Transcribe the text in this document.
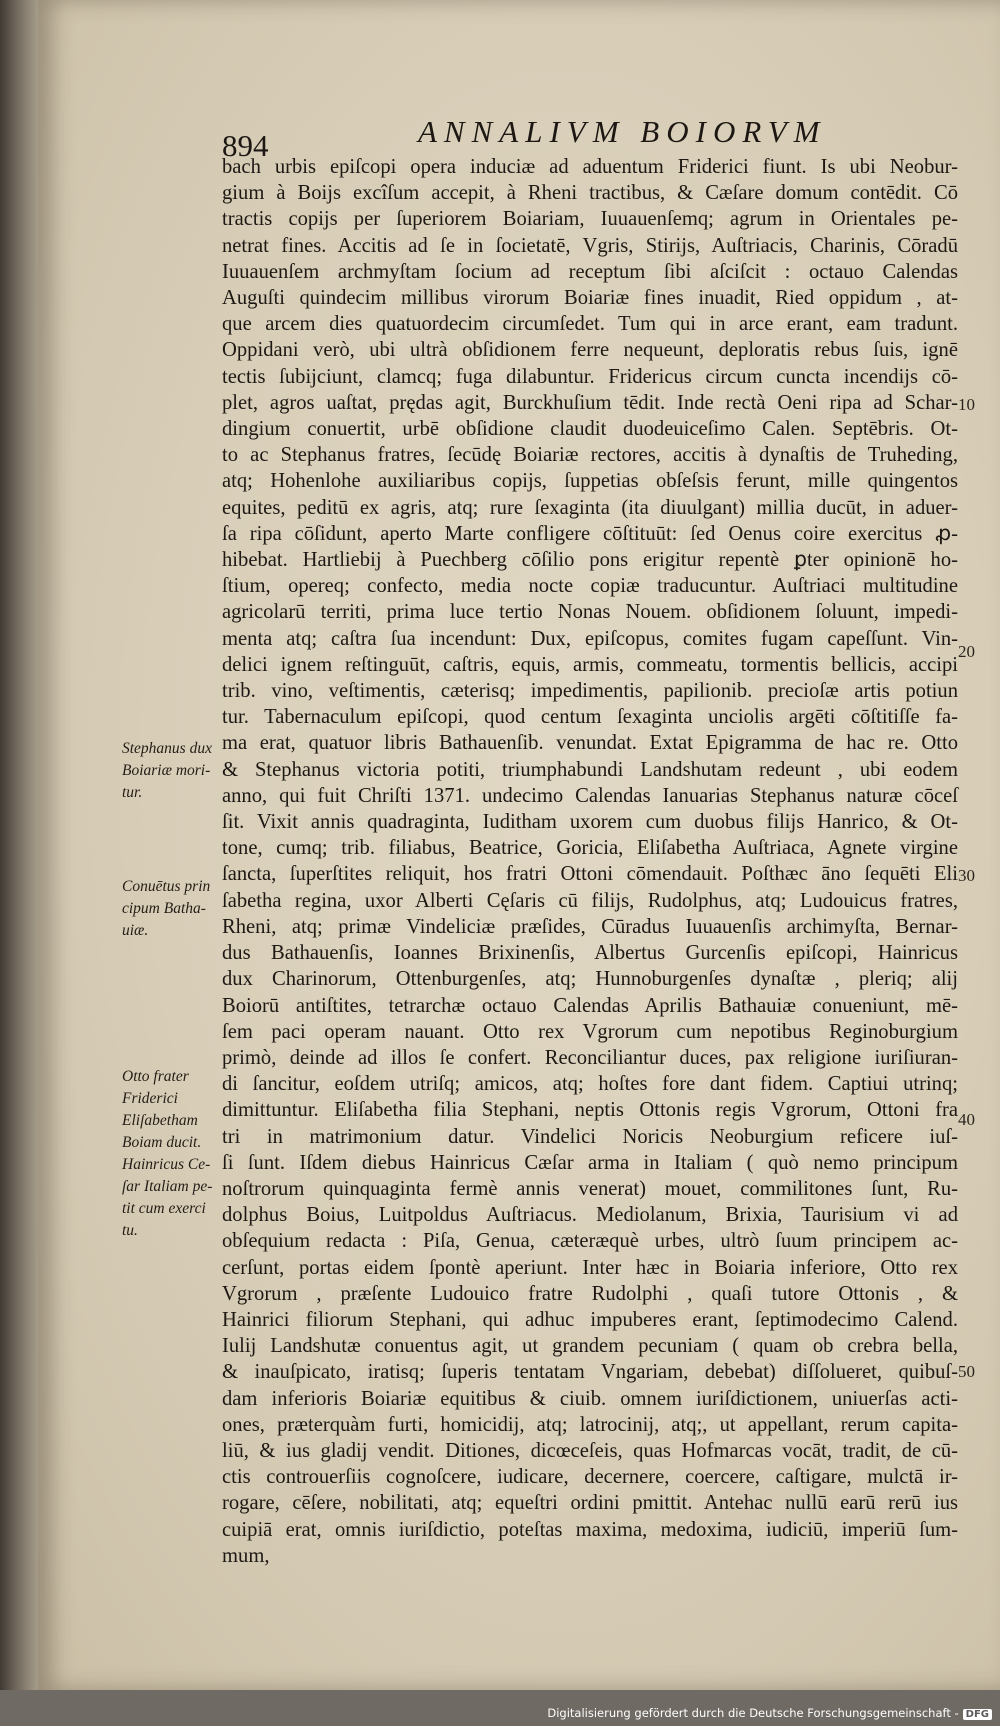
894	ANNALIVM BOIORVM
bach urbis epiſcopi opera induciæ ad aduentum Friderici fiunt. Is ubi Neobur-
gium à Boijs excîſum accepit, à Rheni tractibus, & Cæſare domum contēdit. Cō
tractis copijs per ſuperiorem Boiariam, Iuuauenſemq; agrum in Orientales pe-
netrat fines. Accitis ad ſe in ſocietatē, Vgris, Stirijs, Auſtriacis, Charinis, Cōradū
Iuuauenſem archmyſtam ſocium ad receptum ſibi aſciſcit : octauo Calendas
Auguſti quindecim millibus virorum Boiariæ fines inuadit, Ried oppidum , at-
que arcem dies quatuordecim circumſedet. Tum qui in arce erant, eam tradunt.
Oppidani verò, ubi ultrà obſidionem ferre nequeunt, deploratis rebus ſuis, ignē
tectis ſubijciunt, clamcq; fuga dilabuntur. Fridericus circum cuncta incendijs cō-
plet, agros uaſtat, prędas agit, Burckhuſium tēdit. Inde rectà Oeni ripa ad Schar-
dingium conuertit, urbē obſidione claudit duodeuiceſimo Calen. Septēbris. Ot-
to ac Stephanus fratres, ſecūdę Boiariæ rectores, accitis à dynaſtis de Truheding,
atq; Hohenlohe auxiliaribus copijs, ſuppetias obſeſsis ferunt, mille quingentos
equites, peditū ex agris, atq; rure ſexaginta (ita diuulgant) millia ducūt, in aduer-
ſa ripa cōſidunt, aperto Marte confligere cōſtituūt: ſed Oenus coire exercitus ꝓ-
hibebat. Hartliebij à Puechberg cōſilio pons erigitur repentè ꝑter opinionē ho-
ſtium, opereq; confecto, media nocte copiæ traducuntur. Auſtriaci multitudine
agricolarū territi, prima luce tertio Nonas Nouem. obſidionem ſoluunt, impedi-
menta atq; caſtra ſua incendunt: Dux, epiſcopus, comites fugam capeſſunt. Vin-
delici ignem reſtinguūt, caſtris, equis, armis, commeatu, tormentis bellicis, accipi
trib. vino, veſtimentis, cæterisq; impedimentis, papilionib. precioſæ artis potiun
tur. Tabernaculum epiſcopi, quod centum ſexaginta unciolis argēti cōſtitiſſe fa-
ma erat, quatuor libris Bathauenſib. venundat. Extat Epigramma de hac re. Otto
& Stephanus victoria potiti, triumphabundi Landshutam redeunt , ubi eodem
anno, qui fuit Chriſti 1371. undecimo Calendas Ianuarias Stephanus naturæ cōceſ
ſit. Vixit annis quadraginta, Iuditham uxorem cum duobus filijs Hanrico, & Ot-
tone, cumq; trib. filiabus, Beatrice, Goricia, Eliſabetha Auſtriaca, Agnete virgine
ſancta, ſuperſtites reliquit, hos fratri Ottoni cōmendauit. Poſthæc āno ſequēti Eli
ſabetha regina, uxor Alberti Cęſaris cū filijs, Rudolphus, atq; Ludouicus fratres,
Rheni, atq; primæ Vindeliciæ præſides, Cūradus Iuuauenſis archimyſta, Bernar-
dus Bathauenſis, Ioannes Brixinenſis, Albertus Gurcenſis epiſcopi, Hainricus
dux Charinorum, Ottenburgenſes, atq; Hunnoburgenſes dynaſtæ , pleriq; alij
Boiorū antiſtites, tetrarchæ octauo Calendas Aprilis Bathauiæ conueniunt, mē-
ſem paci operam nauant. Otto rex Vgrorum cum nepotibus Reginoburgium
primò, deinde ad illos ſe confert. Reconciliantur duces, pax religione iuriſiuran-
di ſancitur, eoſdem utriſq; amicos, atq; hoſtes fore dant fidem. Captiui utrinq;
dimittuntur. Eliſabetha filia Stephani, neptis Ottonis regis Vgrorum, Ottoni fra
tri in matrimonium datur. Vindelici Noricis Neoburgium reficere iuſ-
ſi ſunt. Iſdem diebus Hainricus Cæſar arma in Italiam ( quò nemo principum
noſtrorum quinquaginta fermè annis venerat) mouet, commilitones ſunt, Ru-
dolphus Boius, Luitpoldus Auſtriacus. Mediolanum, Brixia, Taurisium vi ad
obſequium redacta : Piſa, Genua, cæteræquè urbes, ultrò ſuum principem ac-
cerſunt, portas eidem ſpontè aperiunt. Inter hæc in Boiaria inferiore, Otto rex
Vgrorum , præſente Ludouico fratre Rudolphi , quaſi tutore Ottonis , &
Hainrici filiorum Stephani, qui adhuc impuberes erant, ſeptimodecimo Calend.
Iulij Landshutæ conuentus agit, ut grandem pecuniam ( quam ob crebra bella,
& inauſpicato, iratisq; ſuperis tentatam Vngariam, debebat) diſſolueret, quibuſ-
dam inferioris Boiariæ equitibus & ciuib. omnem iuriſdictionem, uniuerſas acti-
ones, præterquàm furti, homicidij, atq; latrocinij, atq;, ut appellant, rerum capita-
liū, & ius gladij vendit. Ditiones, dicœceſeis, quas Hofmarcas vocāt, tradit, de cū-
ctis controuerſiis cognoſcere, iudicare, decernere, coercere, caſtigare, mulctā ir-
rogare, cēſere, nobilitati, atq; equeſtri ordini pmittit. Antehac nullū earū rerū ius
cuipiā erat, omnis iuriſdictio, poteſtas maxima, medoxima, iudiciū, imperiū ſum-
mum,
Stephanus dux
Boiariæ mori-
tur.
Conuētus prin
cipum Batha-
uiæ.
Otto frater
Friderici
Eliſabetham
Boiam ducit.
Hainricus Ce-
ſar Italiam pe-
tit cum exerci
tu.
10
20
30
40
50
Digitalisierung gefördert durch die Deutsche Forschungsgemeinschaft - DFG
